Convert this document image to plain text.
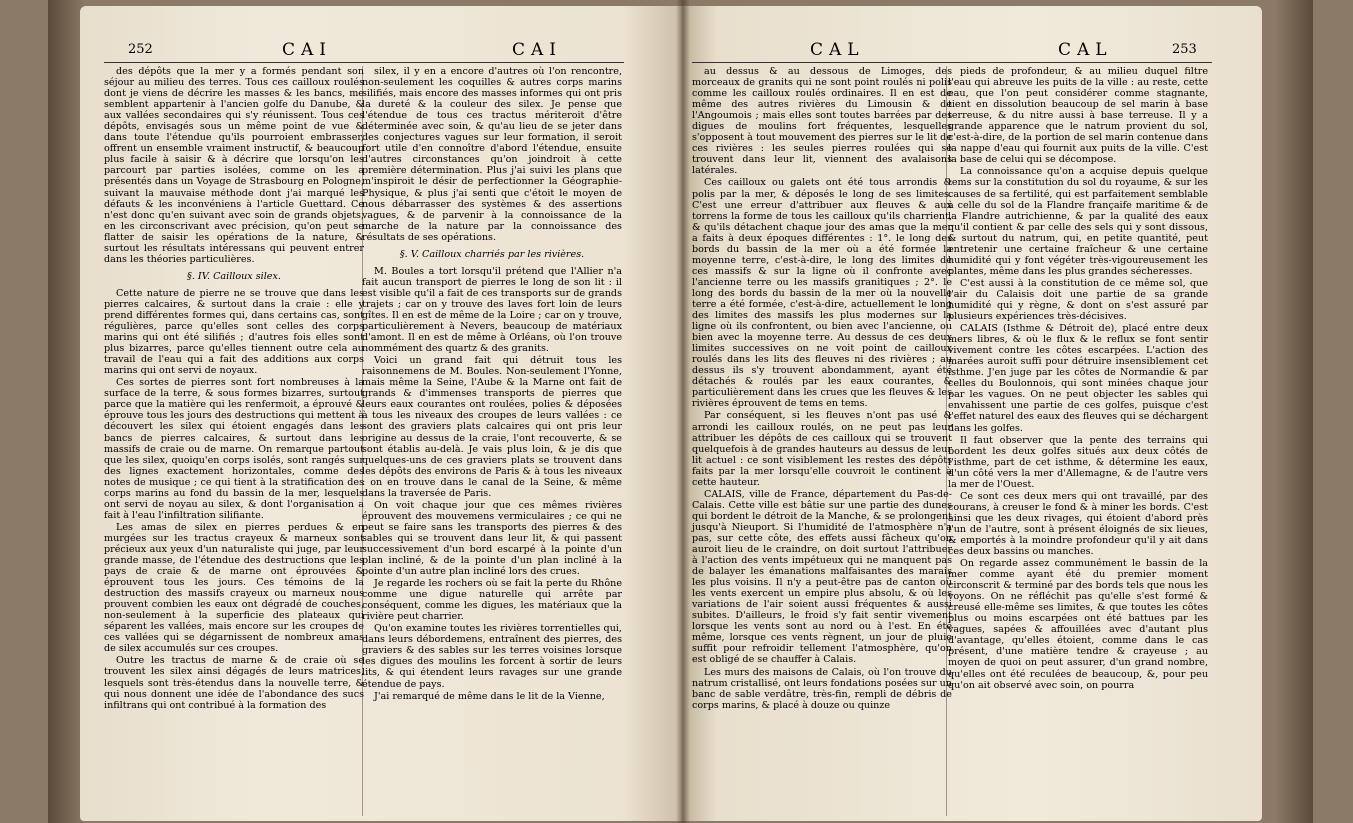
252	CAI	CAI	CAL	CAL	253

des dépôts que la mer y a formés pendant son séjour au milieu des terres. Tous ces cailloux roulés dont je viens de décrire les masses & les bancs, me semblent appartenir à l'ancien golfe du Danube, & aux vallées secondaires qui s'y réunissent. Tous ces dépôts, envisagés sous un même point de vue & dans toute l'étendue qu'ils pourroient embrasser, offrent un ensemble vraiment instructif, & beaucoup plus facile à saisir & à décrire que lorsqu'on les parcourt par parties isolées, comme on les a présentés dans un Voyage de Strasbourg en Pologne, suivant la mauvaise méthode dont j'ai marqué les défauts & les inconvéniens à l'article Guettard. Ce n'est donc qu'en suivant avec soin de grands objets, en les circonscrivant avec précision, qu'on peut se flatter de saisir les opérations de la nature, & surtout les résultats intéressans qui peuvent entrer dans les théories particulières.

§. IV. Cailloux silex.

Cette nature de pierre ne se trouve que dans les pierres calcaires, & surtout dans la craie : elle y prend différentes formes qui, dans certains cas, sont régulières, parce qu'elles sont celles des corps marins qui ont été silifiés ; d'autres fois elles sont plus bizarres, parce qu'elles tiennent outre cela au travail de l'eau qui a fait des additions aux corps marins qui ont servi de noyaux.

Ces sortes de pierres sont fort nombreuses à la surface de la terre, & sous formes bizarres, surtout parce que la matière qui les renfermoit, a éprouvé & éprouve tous les jours des destructions qui mettent à découvert les silex qui étoient engagés dans les bancs de pierres calcaires, & surtout dans les massifs de craie ou de marne. On remarque partout que les silex, quoiqu'en corps isolés, sont rangés sur des lignes exactement horizontales, comme des notes de musique ; ce qui tient à la stratification des corps marins au fond du bassin de la mer, lesquels ont servi de noyau au silex, & dont l'organisation a fait à l'eau l'infiltration silifiante.

Les amas de silex en pierres perdues & en murgées sur les tractus crayeux & marneux sont précieux aux yeux d'un naturaliste qui juge, par leur grande masse, de l'étendue des destructions que les pays de craie & de marne ont éprouvées & éprouvent tous les jours. Ces témoins de la destruction des massifs crayeux ou marneux nous prouvent combien les eaux ont dégradé de couches, non-seulement à la superficie des plateaux qui séparent les vallées, mais encore sur les croupes de ces vallées qui se dégarnissent de nombreux amas de silex accumulés sur ces croupes.

Outre les tractus de marne & de craie où se trouvent les silex ainsi dégagés de leurs matrices, lesquels sont très-étendus dans la nouvelle terre, & qui nous donnent une idée de l'abondance des sucs infiltrans qui ont contribué à la formation des

silex, il y en a encore d'autres où l'on rencontre, non-seulement les coquilles & autres corps marins silifiés, mais encore des masses informes qui ont pris la dureté & la couleur des silex. Je pense que l'étendue de tous ces tractus mériteroit d'être déterminée avec soin, & qu'au lieu de se jeter dans des conjectures vagues sur leur formation, il seroit fort utile d'en connoître d'abord l'étendue, ensuite d'autres circonstances qu'on joindroit à cette première détermination. Plus j'ai suivi les plans que m'inspiroit le désir de perfectionner la Géographie-Physique, & plus j'ai senti que c'étoit le moyen de nous débarrasser des systèmes & des assertions vagues, & de parvenir à la connoissance de la marche de la nature par la connoissance des résultats de ses opérations.

§. V. Cailloux charriés par les rivières.

M. Boules a tort lorsqu'il prétend que l'Allier n'a fait aucun transport de pierres le long de son lit : il est visible qu'il a fait de ces transports sur de grands trajets ; car on y trouve des laves fort loin de leurs gîtes. Il en est de même de la Loire ; car on y trouve, particulièrement à Nevers, beaucoup de matériaux d'amont. Il en est de même à Orléans, où l'on trouve nommément des quartz & des granits.

Voici un grand fait qui détruit tous les raisonnemens de M. Boules. Non-seulement l'Yonne, mais même la Seine, l'Aube & la Marne ont fait de grands & d'immenses transports de pierres que leurs eaux courantes ont roulées, polies & déposées à tous les niveaux des croupes de leurs vallées : ce sont des graviers plats calcaires qui ont pris leur origine au dessus de la craie, l'ont recouverte, & se sont établis au-delà. Je vais plus loin, & je dis que quelques-uns de ces graviers plats se trouvent dans les dépôts des environs de Paris & à tous les niveaux : on en trouve dans le canal de la Seine, & même dans la traversée de Paris.

On voit chaque jour que ces mêmes rivières éprouvent des mouvemens vermiculaires ; ce qui ne peut se faire sans les transports des pierres & des sables qui se trouvent dans leur lit, & qui passent successivement d'un bord escarpé à la pointe d'un plan incliné, & de la pointe d'un plan incliné à la pointe d'un autre plan incliné lors des crues.

Je regarde les rochers où se fait la perte du Rhône comme une digue naturelle qui arrête par conséquent, comme les digues, les matériaux que la rivière peut charrier.

Qu'on examine toutes les rivières torrentielles qui, dans leurs débordemens, entraînent des pierres, des graviers & des sables sur les terres voisines lorsque les digues des moulins les forcent à sortir de leurs lits, & qui étendent leurs ravages sur une grande étendue de pays.

J'ai remarqué de même dans le lit de la Vienne,

au dessus & au dessous de Limoges, des morceaux de granits qui ne sont point roulés ni polis comme les cailloux roulés ordinaires. Il en est de même des autres rivières du Limousin & de l'Angoumois ; mais elles sont toutes barrées par des digues de moulins fort fréquentes, lesquelles s'opposent à tout mouvement des pierres sur le lit de ces rivières : les seules pierres roulées qui se trouvent dans leur lit, viennent des avalaisons latérales.

Ces cailloux ou galets ont été tous arrondis & polis par la mer, & déposés le long de ses limites. C'est une erreur d'attribuer aux fleuves & aux torrens la forme de tous les cailloux qu'ils charrient, & qu'ils détachent chaque jour des amas que la mer a faits à deux époques différentes : 1°. le long des bords du bassin de la mer où a été formée la moyenne terre, c'est-à-dire, le long des limites de ces massifs & sur la ligne où il confronte avec l'ancienne terre ou les massifs granitiques ; 2°. le long des bords du bassin de la mer où la nouvelle terre a été formée, c'est-à-dire, actuellement le long des limites des massifs les plus modernes sur la ligne où ils confrontent, ou bien avec l'ancienne, ou bien avec la moyenne terre. Au dessus de ces deux limites successives on ne voit point de cailloux roulés dans les lits des fleuves ni des rivières ; au dessus ils s'y trouvent abondamment, ayant été détachés & roulés par les eaux courantes, & particulièrement dans les crues que les fleuves & les rivières éprouvent de tems en tems.

Par conséquent, si les fleuves n'ont pas usé & arrondi les cailloux roulés, on ne peut pas leur attribuer les dépôts de ces cailloux qui se trouvent quelquefois à de grandes hauteurs au dessus de leur lit actuel : ce sont visiblement les restes des dépôts faits par la mer lorsqu'elle couvroit le continent à cette hauteur.

CALAIS, ville de France, département du Pas-de-Calais. Cette ville est bâtie sur une partie des dunes qui bordent le détroit de la Manche, & se prolongent jusqu'à Nieuport. Si l'humidité de l'atmosphère n'a pas, sur cette côte, des effets aussi fâcheux qu'on auroit lieu de le craindre, on doit surtout l'attribuer à l'action des vents impétueux qui ne manquent pas de balayer les émanations malfaisantes des marais les plus voisins. Il n'y a peut-être pas de canton où les vents exercent un empire plus absolu, & où les variations de l'air soient aussi fréquentes & aussi subites. D'ailleurs, le froid s'y fait sentir vivement lorsque les vents sont au nord ou à l'est. En été même, lorsque ces vents règnent, un jour de pluie suffit pour refroidir tellement l'atmosphère, qu'on est obligé de se chauffer à Calais.

Les murs des maisons de Calais, où l'on trouve du natrum cristallisé, ont leurs fondations posées sur un banc de sable verdâtre, très-fin, rempli de débris de corps marins, & placé à douze ou quinze

pieds de profondeur, & au milieu duquel filtre l'eau qui abreuve les puits de la ville : au reste, cette eau, que l'on peut considérer comme stagnante, tient en dissolution beaucoup de sel marin à base terreuse, & du nitre aussi à base terreuse. Il y a grande apparence que le natrum provient du sol, c'est-à-dire, de la portion de sel marin contenue dans la nappe d'eau qui fournit aux puits de la ville. C'est la base de celui qui se décompose.

La connoissance qu'on a acquise depuis quelque tems sur la constitution du sol du royaume, & sur les causes de sa fertilité, qui est parfaitement semblable à celle du sol de la Flandre françaife maritime & de la Flandre autrichienne, & par la qualité des eaux qu'il contient & par celle des sels qui y sont dissous, & surtout du natrum, qui, en petite quantité, peut entretenir une certaine fraîcheur & une certaine humidité qui y font végéter très-vigoureusement les plantes, même dans les plus grandes sécheresses.

C'est aussi à la constitution de ce même sol, que l'air du Calaisis doit une partie de sa grande humidité qui y règne, & dont on s'est assuré par plusieurs expériences très-décisives.

CALAIS (Isthme & Détroit de), placé entre deux mers libres, & où le flux & le reflux se font sentir vivement contre les côtes escarpées. L'action des marées auroit suffi pour détruire insensiblement cet isthme. J'en juge par les côtes de Normandie & par celles du Boulonnois, qui sont minées chaque jour par les vagues. On ne peut objecter les sables qui envahissent une partie de ces golfes, puisque c'est l'effet naturel des eaux des fleuves qui se déchargent dans les golfes.

Il faut observer que la pente des terrains qui bordent les deux golfes situés aux deux côtés de l'isthme, part de cet isthme, & détermine les eaux, d'un côté vers la mer d'Allemagne, & de l'autre vers la mer de l'Ouest.

Ce sont ces deux mers qui ont travaillé, par des courans, à creuser le fond & à miner les bords. C'est ainsi que les deux rivages, qui étoient d'abord près l'un de l'autre, sont à présent éloignés de six lieues, & emportés à la moindre profondeur qu'il y ait dans ces deux bassins ou manches.

On regarde assez communément le bassin de la mer comme ayant été du premier moment circonscrit & terminé par des bords tels que nous les voyons. On ne réfléchit pas qu'elle s'est formé & creusé elle-même ses limites, & que toutes les côtes plus ou moins escarpées ont été battues par les vagues, sapées & affouillées avec d'autant plus d'avantage, qu'elles étoient, comme dans le cas présent, d'une matière tendre & crayeuse ; au moyen de quoi on peut assurer, d'un grand nombre, qu'elles ont été reculées de beaucoup, &, pour peu qu'on ait observé avec soin, on pourra
